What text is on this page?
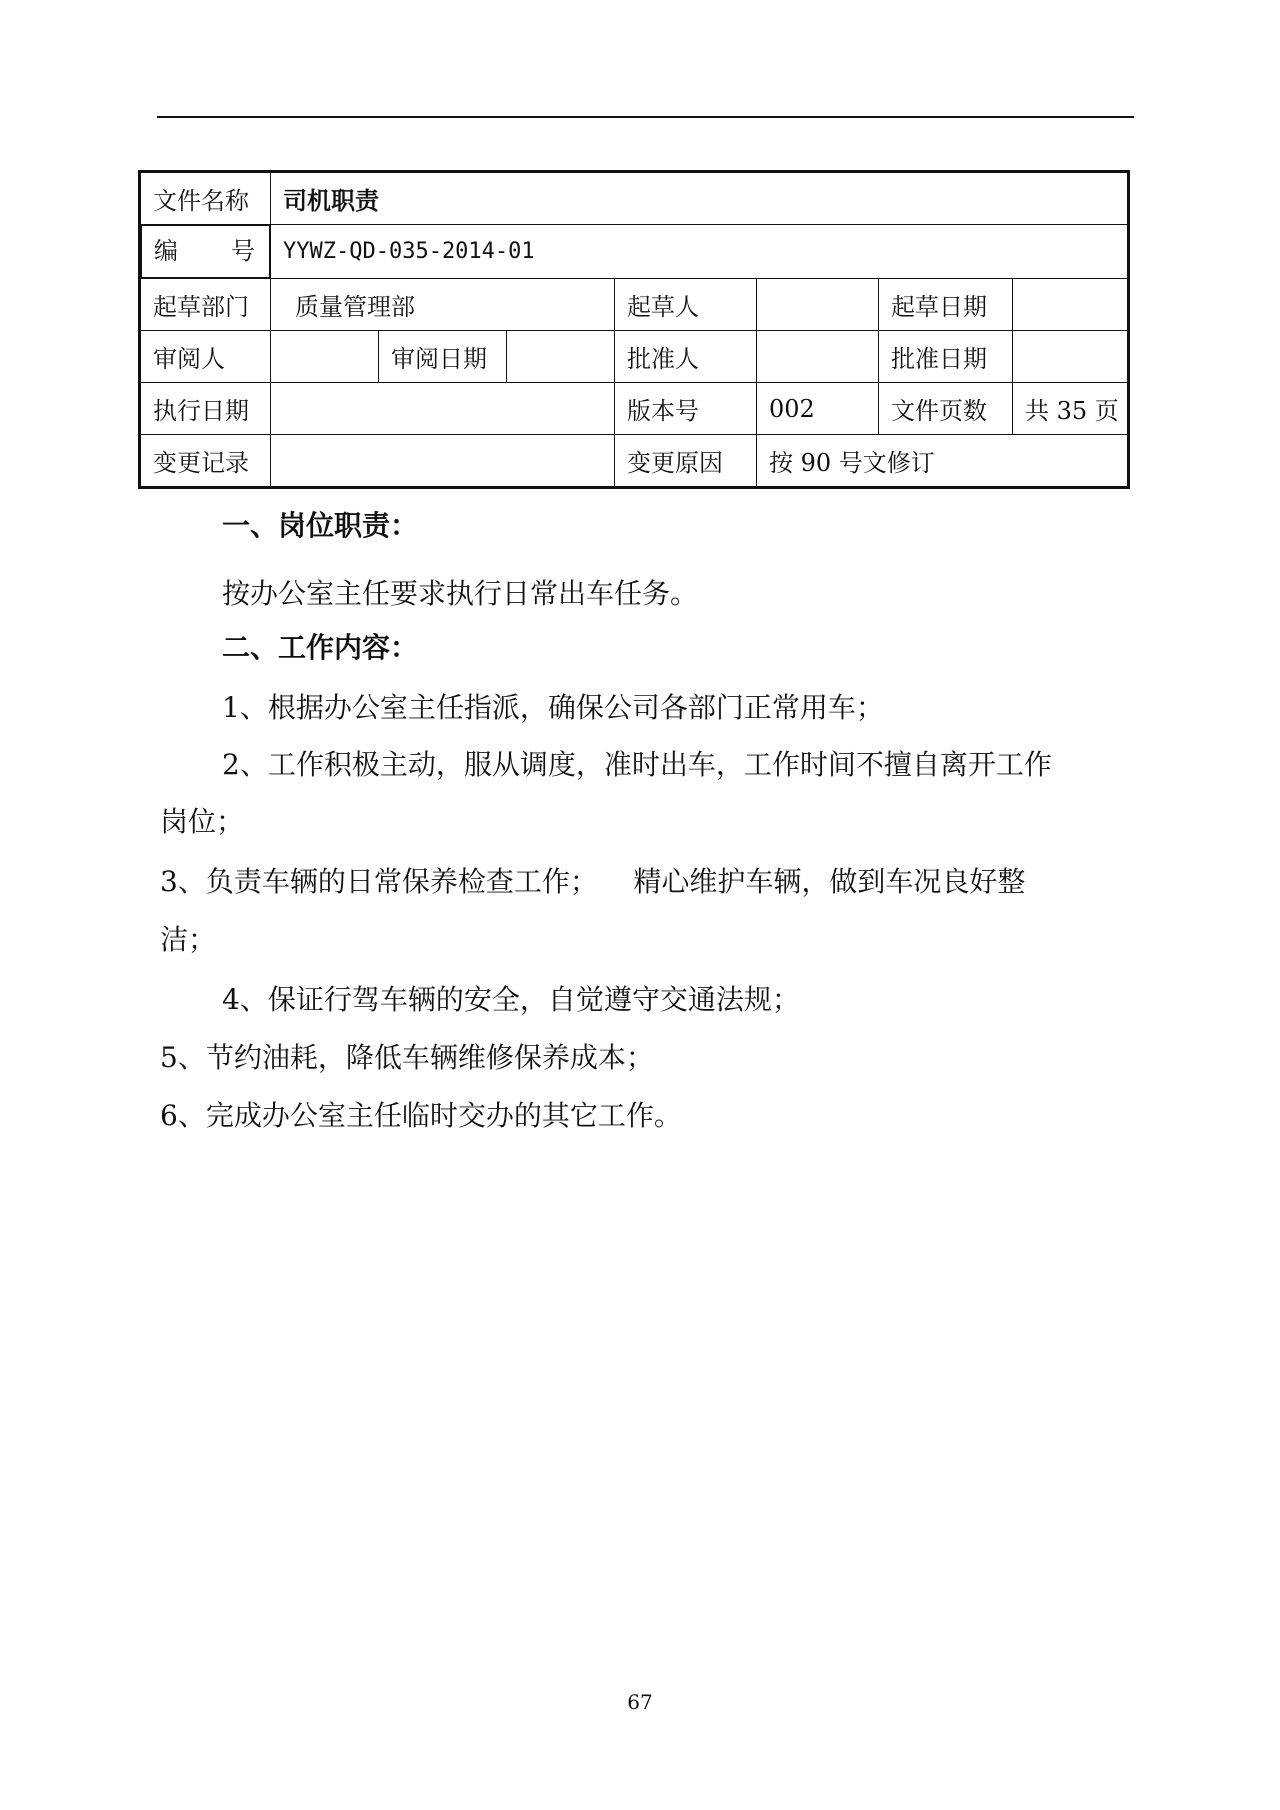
文件名称	司机职责						

编 号 YYWZ-QD-035-2014-01						
起草部门	质量管理部			起草人		起草日期	
审阅人		审阅日期		批准人		批准日期	
执行日期				版本号	002	文件页数	共 35 页
变更记录				变更原因	按 90 号文修订		

一、岗位职责：

按办公室主任要求执行日常出车任务。

二、工作内容：

1、根据办公室主任指派，确保公司各部门正常用车；

2、工作积极主动，服从调度，准时出车，工作时间不擅自离开工作

岗位；

3、负责车辆的日常保养检查工作；    精心维护车辆，做到车况良好整

洁；

4、保证行驾车辆的安全，自觉遵守交通法规；

5、节约油耗，降低车辆维修保养成本；

6、完成办公室主任临时交办的其它工作。

67
